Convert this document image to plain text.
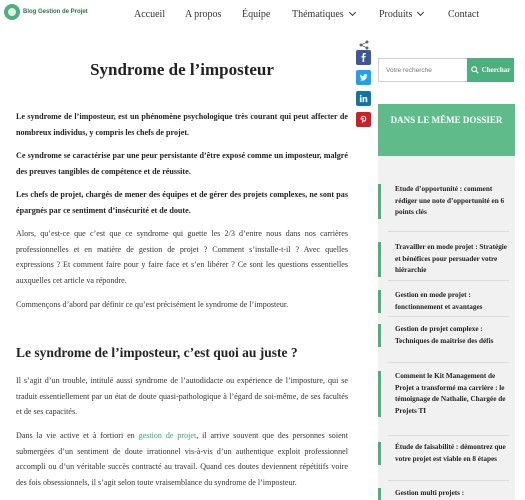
Blog Gestion de Projet	Accueil A propos Équipe Thématiques	Produits	Contact
Syndrome de l’imposteur

Le syndrome de l’imposteur, est un phénomène psychologique très courant qui peut affecter de nombreux individus, y compris les chefs de projet.

Ce syndrome se caractérise par une peur persistante d’être exposé comme un imposteur, malgré des preuves tangibles de compétence et de réussite.

Les chefs de projet, chargés de mener des équipes et de gérer des projets complexes, ne sont pas épargnés par ce sentiment d’insécurité et de doute.

Alors, qu’est-ce que c’est que ce syndrome qui guette les 2/3 d’entre nous dans nos carrières professionnelles et en matière de gestion de projet ? Comment s’installe-t-il ? Avec quelles expressions ? Et comment faire pour y faire face et s’en libérer ? Ce sont les questions essentielles auxquelles cet article va répondre.

Commençons d’abord par définir ce qu’est précisément le syndrome de l’imposteur.

Le syndrome de l’imposteur, c’est quoi au juste ?

Il s’agit d’un trouble, intitulé aussi syndrome de l’autodidacte ou expérience de l’imposture, qui se traduit essentiellement par un état de doute quasi-pathologique à l’égard de soi-même, de ses facultés et de ses capacités.

Dans la vie active et à fortiori en gestion de projet, il arrive souvent que des personnes soient submergées d’un sentiment de doute irrationnel vis-à-vis d’un authentique exploit professionnel accompli ou d’un véritable succès contracté au travail. Quand ces doutes deviennent répétitifs voire des fois obsessionnels, il s’agit selon toute vraisemblance du syndrome de l’imposteur.

Votre recherche
Cherchar
DANS LE MÊME DOSSIER
Etude d’opportunité : comment rédiger une note d’opportunité en 6 points clés
Travailler en mode projet : Stratégie et bénéfices pour persuader votre hiérarchie
Gestion en mode projet : fonctionnement et avantages
Gestion de projet complexe : Techniques de maitrise des défis
Comment le Kit Management de Projet a transformé ma carrière : le témoignage de Nathalie, Chargée de Projets TI
Étude de faisabilité : démontrez que votre projet est viable en 8 étapes
Gestion multi projets :
